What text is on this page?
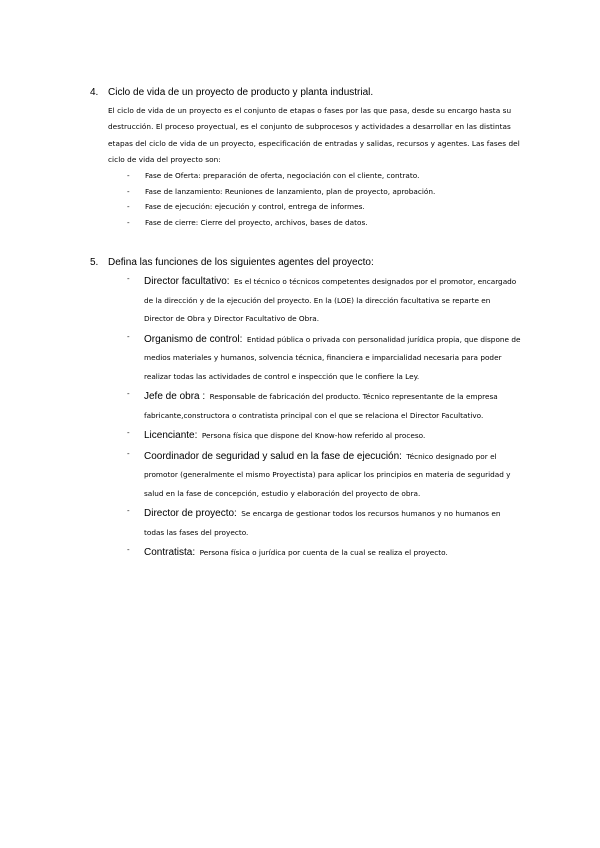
4. Ciclo de vida de un proyecto de producto y planta industrial.

El ciclo de vida de un proyecto es el conjunto de etapas o fases por las que pasa, desde su encargo hasta su destrucción. El proceso proyectual, es el conjunto de subprocesos y actividades a desarrollar en las distintas etapas del ciclo de vida de un proyecto, especificación de entradas y salidas, recursos y agentes. Las fases del ciclo de vida del proyecto son:

- Fase de Oferta: preparación de oferta, negociación con el cliente, contrato.
- Fase de lanzamiento: Reuniones de lanzamiento, plan de proyecto, aprobación.
- Fase de ejecución: ejecución y control, entrega de informes.
- Fase de cierre: Cierre del proyecto, archivos, bases de datos.

5. Defina las funciones de los siguientes agentes del proyecto:

- Director facultativo: Es el técnico o técnicos competentes designados por el promotor, encargado de la dirección y de la ejecución del proyecto. En la (LOE) la dirección facultativa se reparte en Director de Obra y Director Facultativo de Obra.
- Organismo de control: Entidad pública o privada con personalidad jurídica propia, que dispone de medios materiales y humanos, solvencia técnica, financiera e imparcialidad necesaria para poder realizar todas las actividades de control e inspección que le confiere la Ley.
- Jefe de obra : Responsable de fabricación del producto. Técnico representante de la empresa fabricante,constructora o contratista principal con el que se relaciona el Director Facultativo.
- Licenciante: Persona física que dispone del Know-how referido al proceso.
- Coordinador de seguridad y salud en la fase de ejecución: Técnico designado por el promotor (generalmente el mismo Proyectista) para aplicar los principios en materia de seguridad y salud en la fase de concepción, estudio y elaboración del proyecto de obra.
- Director de proyecto: Se encarga de gestionar todos los recursos humanos y no humanos en todas las fases del proyecto.
- Contratista: Persona física o jurídica por cuenta de la cual se realiza el proyecto.
